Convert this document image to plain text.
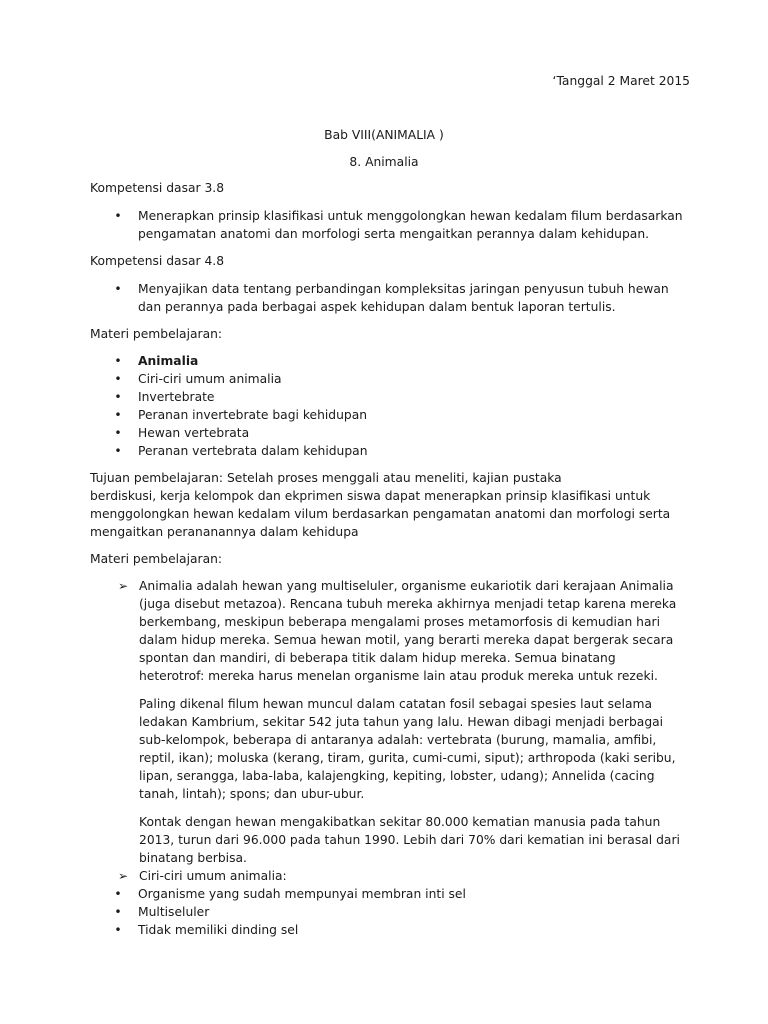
‘Tanggal 2 Maret 2015
Bab VIII(ANIMALIA )
8. Animalia
Kompetensi dasar 3.8
• Menerapkan prinsip klasifikasi untuk menggolongkan hewan kedalam filum berdasarkan
pengamatan anatomi dan morfologi serta mengaitkan perannya dalam kehidupan.
Kompetensi dasar 4.8
• Menyajikan data tentang perbandingan kompleksitas jaringan penyusun tubuh hewan
dan perannya pada berbagai aspek kehidupan dalam bentuk laporan tertulis.
Materi pembelajaran:
• Animalia
• Ciri-ciri umum animalia
• Invertebrate
• Peranan invertebrate bagi kehidupan
• Hewan vertebrata
• Peranan vertebrata dalam kehidupan
Tujuan pembelajaran: Setelah proses menggali atau meneliti, kajian pustaka
berdiskusi, kerja kelompok dan ekprimen siswa dapat menerapkan prinsip klasifikasi untuk
menggolongkan hewan kedalam vilum berdasarkan pengamatan anatomi dan morfologi serta
mengaitkan perananannya dalam kehidupa
Materi pembelajaran:
➢ Animalia adalah hewan yang multiseluler, organisme eukariotik dari kerajaan Animalia
(juga disebut metazoa). Rencana tubuh mereka akhirnya menjadi tetap karena mereka
berkembang, meskipun beberapa mengalami proses metamorfosis di kemudian hari
dalam hidup mereka. Semua hewan motil, yang berarti mereka dapat bergerak secara
spontan dan mandiri, di beberapa titik dalam hidup mereka. Semua binatang
heterotrof: mereka harus menelan organisme lain atau produk mereka untuk rezeki.
Paling dikenal filum hewan muncul dalam catatan fosil sebagai spesies laut selama
ledakan Kambrium, sekitar 542 juta tahun yang lalu. Hewan dibagi menjadi berbagai
sub-kelompok, beberapa di antaranya adalah: vertebrata (burung, mamalia, amfibi,
reptil, ikan); moluska (kerang, tiram, gurita, cumi-cumi, siput); arthropoda (kaki seribu,
lipan, serangga, laba-laba, kalajengking, kepiting, lobster, udang); Annelida (cacing
tanah, lintah); spons; dan ubur-ubur.
Kontak dengan hewan mengakibatkan sekitar 80.000 kematian manusia pada tahun
2013, turun dari 96.000 pada tahun 1990. Lebih dari 70% dari kematian ini berasal dari
binatang berbisa.
➢ Ciri-ciri umum animalia:
• Organisme yang sudah mempunyai membran inti sel
• Multiseluler
• Tidak memiliki dinding sel
